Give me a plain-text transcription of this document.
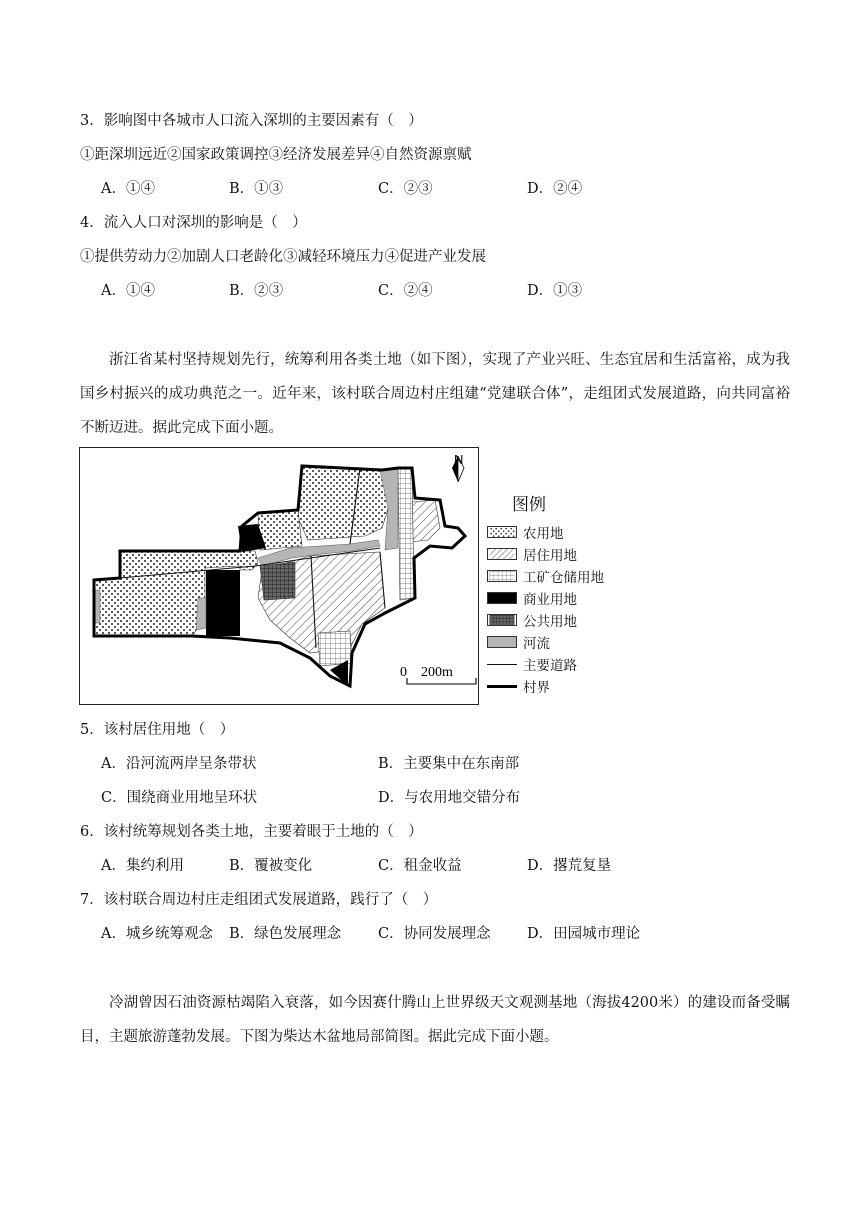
3．影响图中各城市人口流入深圳的主要因素有（　）
①距深圳远近②国家政策调控③经济发展差异④自然资源禀赋
A．①④	B．①③	C．②③	D．②④
4．流入人口对深圳的影响是（　）
①提供劳动力②加剧人口老龄化③减轻环境压力④促进产业发展
A．①④	B．②③	C．②④	D．①③
浙江省某村坚持规划先行，统筹利用各类土地（如下图），实现了产业兴旺、生态宜居和生活富裕，成为我国乡村振兴的成功典范之一。近年来，该村联合周边村庄组建“党建联合体”，走组团式发展道路，向共同富裕不断迈进。据此完成下面小题。
N
0　200m
图例
农用地
居住用地
工矿仓储用地
商业用地
公共用地
河流
主要道路
村界
5．该村居住用地（　）
A．沿河流两岸呈条带状	B．主要集中在东南部
C．围绕商业用地呈环状	D．与农用地交错分布
6．该村统筹规划各类土地，主要着眼于土地的（　）
A．集约利用	B．覆被变化	C．租金收益	D．撂荒复垦
7．该村联合周边村庄走组团式发展道路，践行了（　）
A．城乡统筹观念 B．绿色发展理念	C．协同发展理念	D．田园城市理论
冷湖曾因石油资源枯竭陷入衰落，如今因赛什腾山上世界级天文观测基地（海拔4200米）的建设而备受瞩目，主题旅游蓬勃发展。下图为柴达木盆地局部简图。据此完成下面小题。
